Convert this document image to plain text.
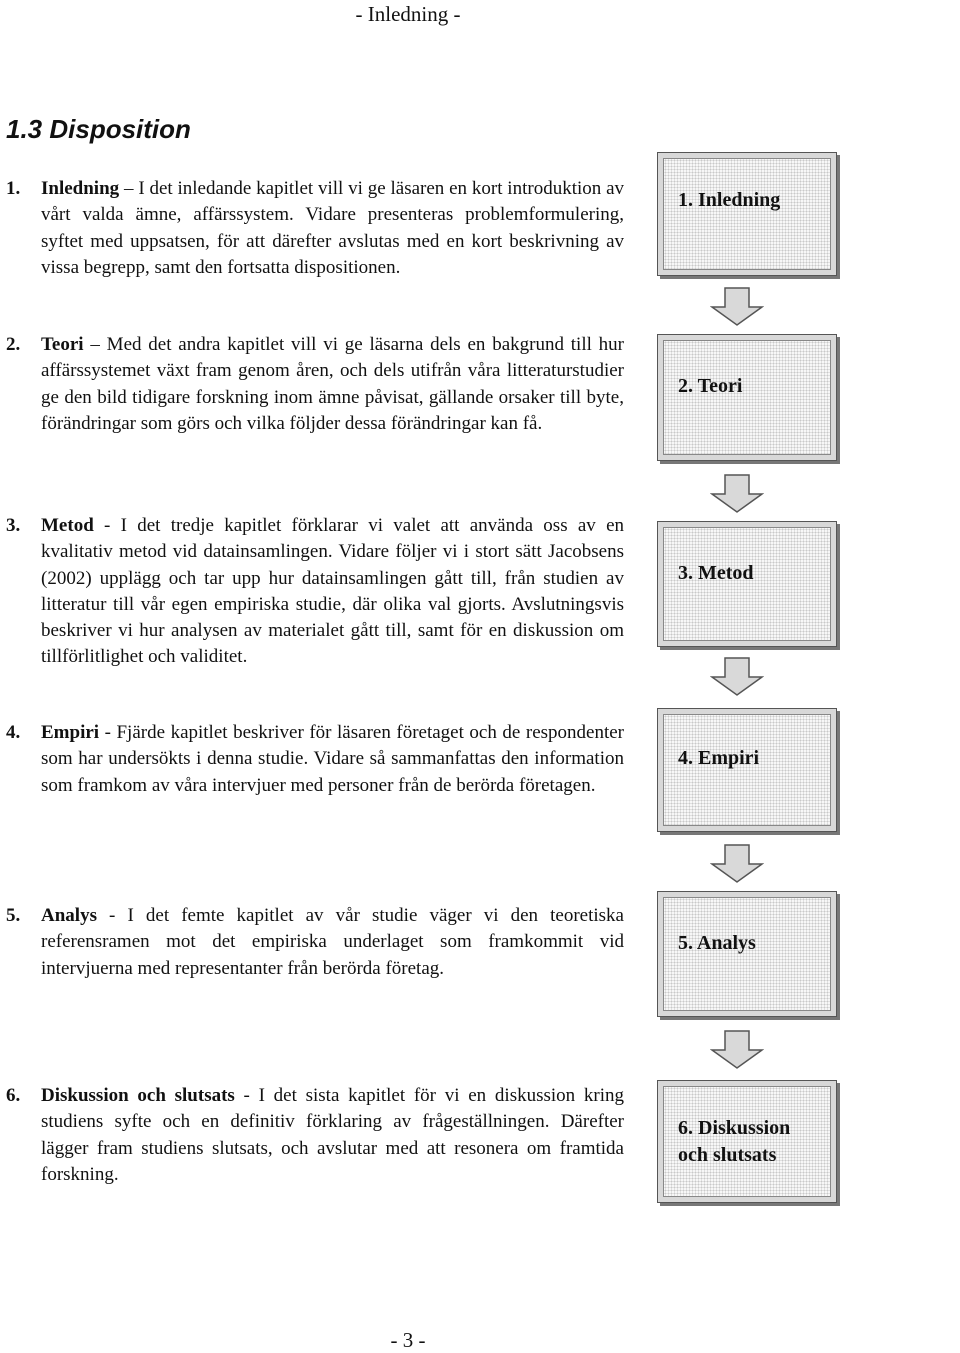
- Inledning -
1.3 Disposition
1. Inledning – I det inledande kapitlet vill vi ge läsaren en kort introduktion av vårt valda ämne, affärssystem. Vidare presenteras problemformulering, syftet med uppsatsen, för att därefter avslutas med en kort beskrivning av vissa begrepp, samt den fortsatta dispositionen.
2. Teori – Med det andra kapitlet vill vi ge läsarna dels en bakgrund till hur affärssystemet växt fram genom åren, och dels utifrån våra litteraturstudier ge den bild tidigare forskning inom ämne påvisat, gällande orsaker till byte, förändringar som görs och vilka följder dessa förändringar kan få.
3. Metod - I det tredje kapitlet förklarar vi valet att använda oss av en kvalitativ metod vid datainsamlingen. Vidare följer vi i stort sätt Jacobsens (2002) upplägg och tar upp hur datainsamlingen gått till, från studien av litteratur till vår egen empiriska studie, där olika val gjorts. Avslutningsvis beskriver vi hur analysen av materialet gått till, samt för en diskussion om tillförlitlighet och validitet.
4. Empiri - Fjärde kapitlet beskriver för läsaren företaget och de respondenter som har undersökts i denna studie. Vidare så sammanfattas den information som framkom av våra intervjuer med personer från de berörda företagen.
5. Analys - I det femte kapitlet av vår studie väger vi den teoretiska referensramen mot det empiriska underlaget som framkommit vid intervjuerna med representanter från berörda företag.
6. Diskussion och slutsats - I det sista kapitlet för vi en diskussion kring studiens syfte och en definitiv förklaring av frågeställningen. Därefter lägger fram studiens slutsats, och avslutar med att resonera om framtida forskning.
1. Inledning
2. Teori
3. Metod
4. Empiri
5. Analys
6. Diskussion och slutsats
- 3 -
